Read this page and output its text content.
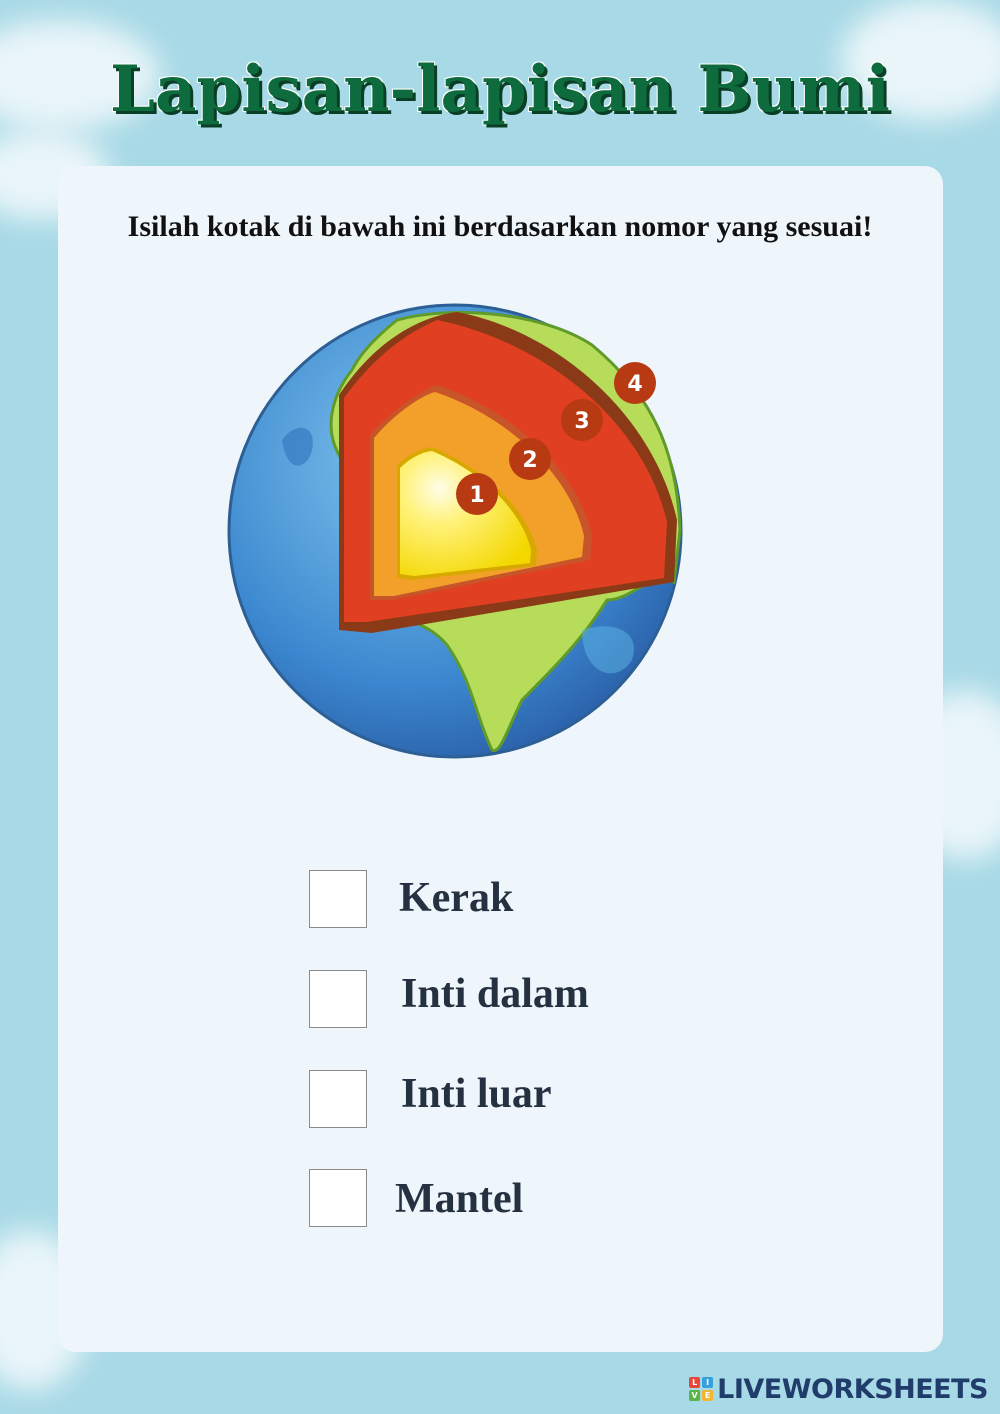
Lapisan-lapisan Bumi
Isilah kotak di bawah ini berdasarkan nomor yang sesuai!
1
2
3
4
Kerak
Inti dalam
Inti luar
Mantel
L	I
V E LIVEWORKSHEETS
